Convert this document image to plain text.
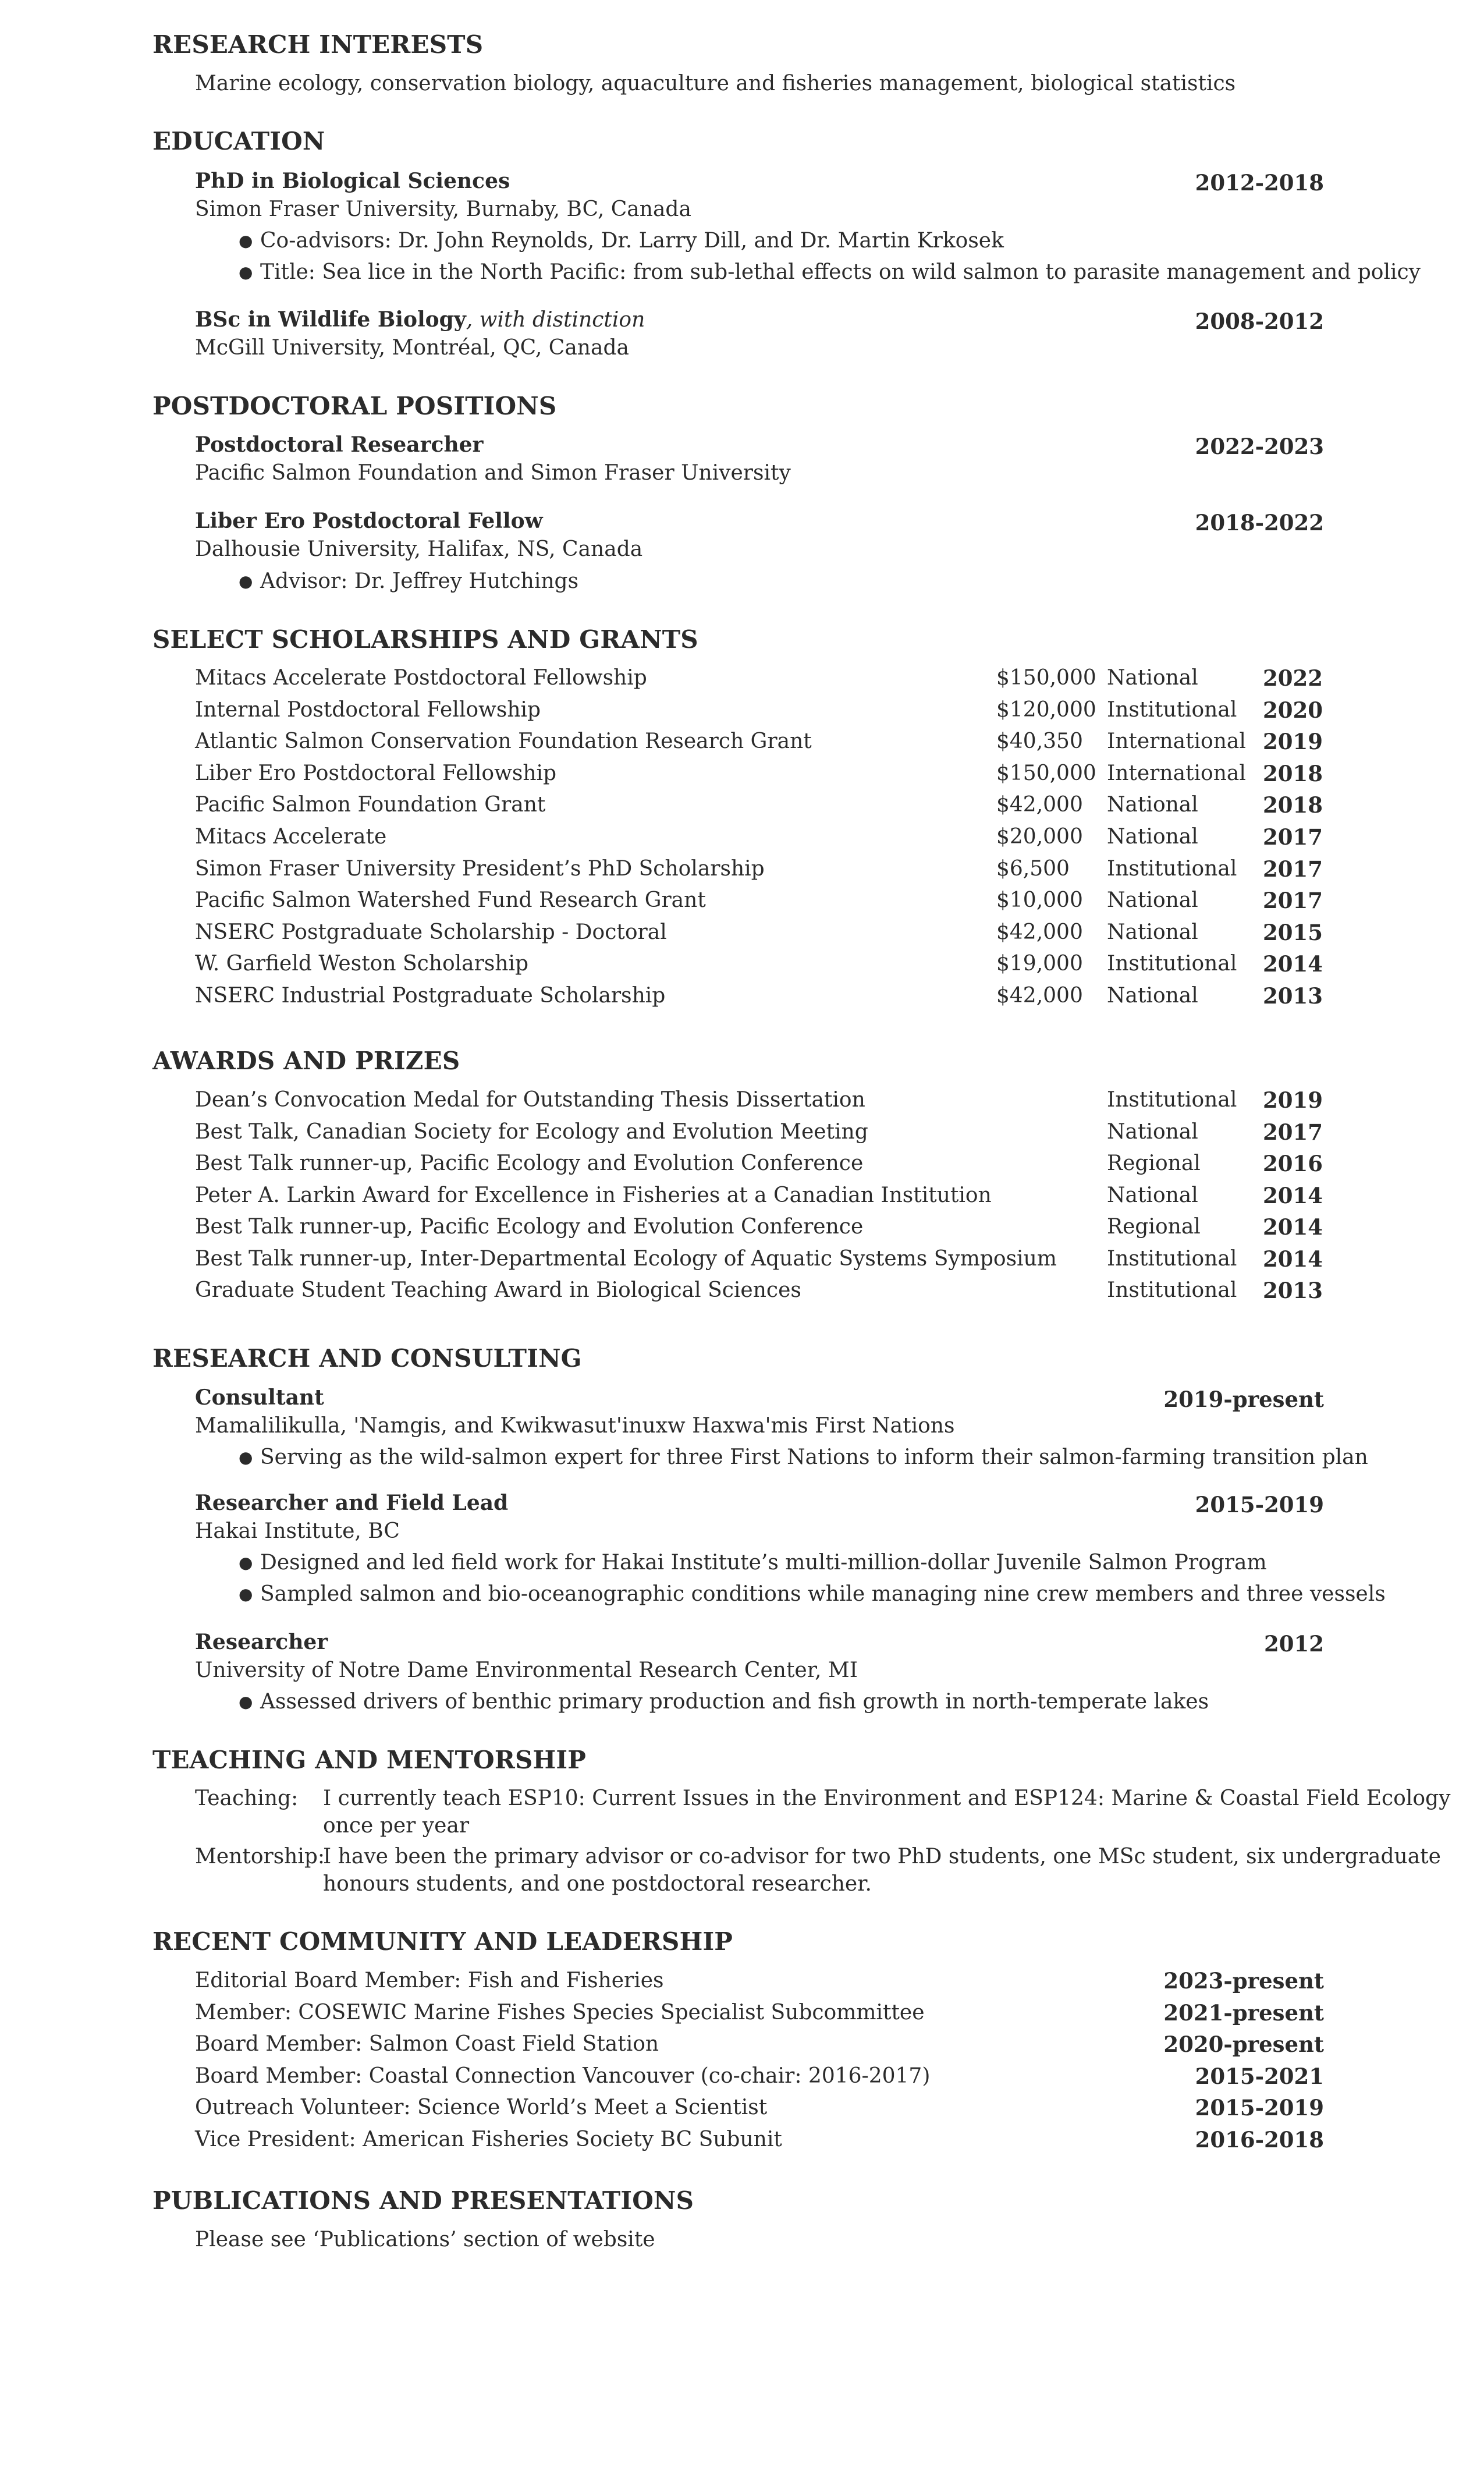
RESEARCH INTERESTS
Marine ecology, conservation biology, aquaculture and fisheries management, biological statistics
EDUCATION
PhD in Biological Sciences	2012-2018
Simon Fraser University, Burnaby, BC, Canada
● Co-advisors: Dr. John Reynolds, Dr. Larry Dill, and Dr. Martin Krkosek
● Title: Sea lice in the North Pacific: from sub-lethal effects on wild salmon to parasite management and policy
BSc in Wildlife Biology, with distinction	2008-2012
McGill University, Montréal, QC, Canada
POSTDOCTORAL POSITIONS
Postdoctoral Researcher	2022-2023
Pacific Salmon Foundation and Simon Fraser University
Liber Ero Postdoctoral Fellow	2018-2022
Dalhousie University, Halifax, NS, Canada
● Advisor: Dr. Jeffrey Hutchings
SELECT SCHOLARSHIPS AND GRANTS
Mitacs Accelerate Postdoctoral Fellowship	$150,000 National	2022
Internal Postdoctoral Fellowship	$120,000 Institutional 2020
Atlantic Salmon Conservation Foundation Research Grant	$40,350 International 2019
Liber Ero Postdoctoral Fellowship	$150,000 International 2018
Pacific Salmon Foundation Grant	$42,000 National	2018
Mitacs Accelerate	$20,000 National	2017
Simon Fraser University President’s PhD Scholarship	$6,500 Institutional 2017
Pacific Salmon Watershed Fund Research Grant	$10,000 National	2017
NSERC Postgraduate Scholarship - Doctoral	$42,000 National	2015
W. Garfield Weston Scholarship	$19,000 Institutional 2014
NSERC Industrial Postgraduate Scholarship	$42,000 National	2013
AWARDS AND PRIZES
Dean’s Convocation Medal for Outstanding Thesis Dissertation	Institutional 2019
Best Talk, Canadian Society for Ecology and Evolution Meeting	National	2017
Best Talk runner-up, Pacific Ecology and Evolution Conference	Regional	2016
Peter A. Larkin Award for Excellence in Fisheries at a Canadian Institution	National	2014
Best Talk runner-up, Pacific Ecology and Evolution Conference	Regional	2014
Best Talk runner-up, Inter-Departmental Ecology of Aquatic Systems Symposium Institutional 2014
Graduate Student Teaching Award in Biological Sciences	Institutional 2013
RESEARCH AND CONSULTING
Consultant	2019-present
Mamalilikulla, 'Namgis, and Kwikwasut'inuxw Haxwa'mis First Nations
● Serving as the wild-salmon expert for three First Nations to inform their salmon-farming transition plan
Researcher and Field Lead	2015-2019
Hakai Institute, BC
● Designed and led field work for Hakai Institute’s multi-million-dollar Juvenile Salmon Program
● Sampled salmon and bio-oceanographic conditions while managing nine crew members and three vessels
Researcher	2012
University of Notre Dame Environmental Research Center, MI
● Assessed drivers of benthic primary production and fish growth in north-temperate lakes
TEACHING AND MENTORSHIP
Teaching: I currently teach ESP10: Current Issues in the Environment and ESP124: Marine & Coastal Field Ecology
once per year
Mentorship:
I have been the primary advisor or co-advisor for two PhD students, one MSc student, six undergraduate
honours students, and one postdoctoral researcher.
RECENT COMMUNITY AND LEADERSHIP
Editorial Board Member: Fish and Fisheries	2023-present
Member: COSEWIC Marine Fishes Species Specialist Subcommittee	2021-present
Board Member: Salmon Coast Field Station	2020-present
Board Member: Coastal Connection Vancouver (co-chair: 2016-2017)	2015-2021
Outreach Volunteer: Science World’s Meet a Scientist	2015-2019
Vice President: American Fisheries Society BC Subunit	2016-2018
PUBLICATIONS AND PRESENTATIONS
Please see ‘Publications’ section of website
